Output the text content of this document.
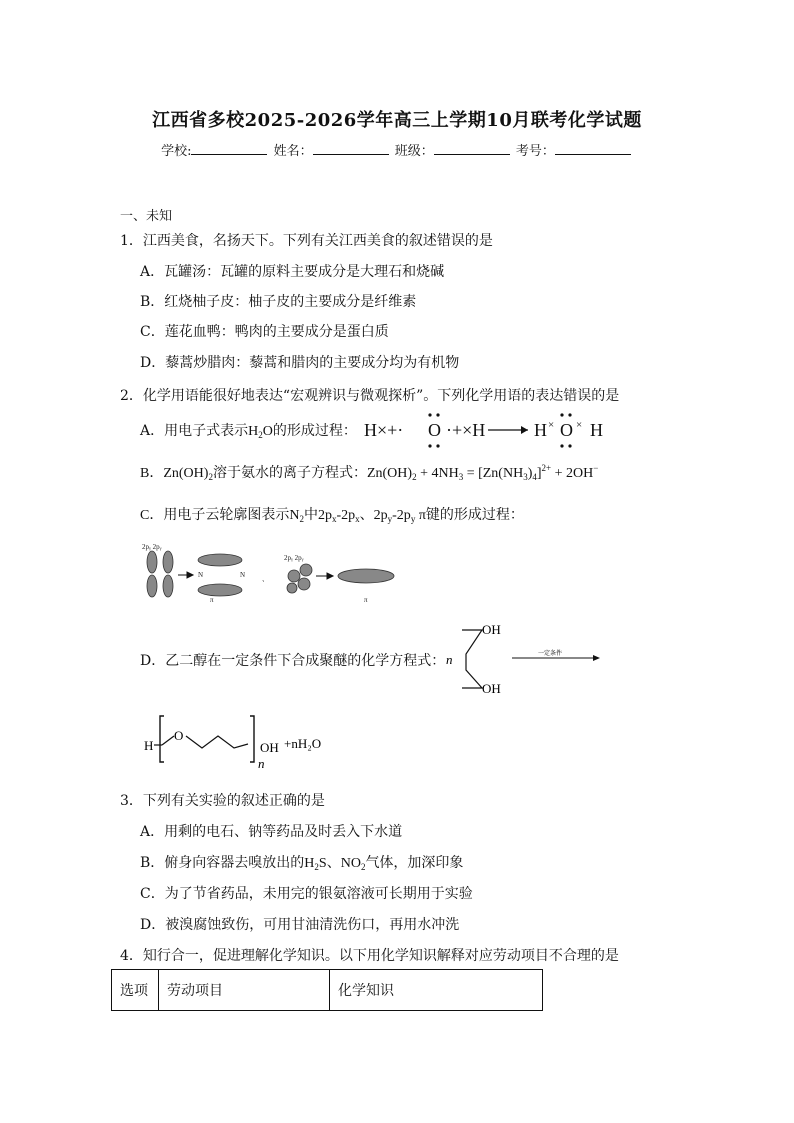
江西省多校2025-2026学年高三上学期10月联考化学试题
学校:	姓名：	班级：	考号：
一、未知
1．江西美食，名扬天下。下列有关江西美食的叙述错误的是
A．瓦罐汤：瓦罐的原料主要成分是大理石和烧碱
B．红烧柚子皮：柚子皮的主要成分是纤维素
C．莲花血鸭：鸭肉的主要成分是蛋白质
D．藜蒿炒腊肉：藜蒿和腊肉的主要成分均为有机物
2．化学用语能很好地表达“宏观辨识与微观探析”。下列化学用语的表达错误的是
A．用电子式表示$H_2O$的形成过程： H×+· O ·+×H	H × O × H
B．$Zn(OH)_2$溶于氨水的离子方程式：$Zn(OH)_2 + 4NH_3 = [Zn(NH_3)_4]^{2+} + 2OH^-$
C．用电子云轮廓图表示$N_2$中$2p_x-2p_x$、$2p_y-2p_y$ π键的形成过程：
2pᵧ 2pᵧ
2pᵧ 2pᵧ
π	π
N	N 、
D．乙二醇在一定条件下合成聚醚的化学方程式：
OH
OH
n	一定条件
H
O
n
OH +nH₂O
3．下列有关实验的叙述正确的是
A．用剩的电石、钠等药品及时丢入下水道
B．俯身向容器去嗅放出的$H_2S$、$NO_2$气体，加深印象
C．为了节省药品，未用完的银氨溶液可长期用于实验
D．被溴腐蚀致伤，可用甘油清洗伤口，再用水冲洗
4．知行合一，促进理解化学知识。以下用化学知识解释对应劳动项目不合理的是
选项	劳动项目	化学知识
